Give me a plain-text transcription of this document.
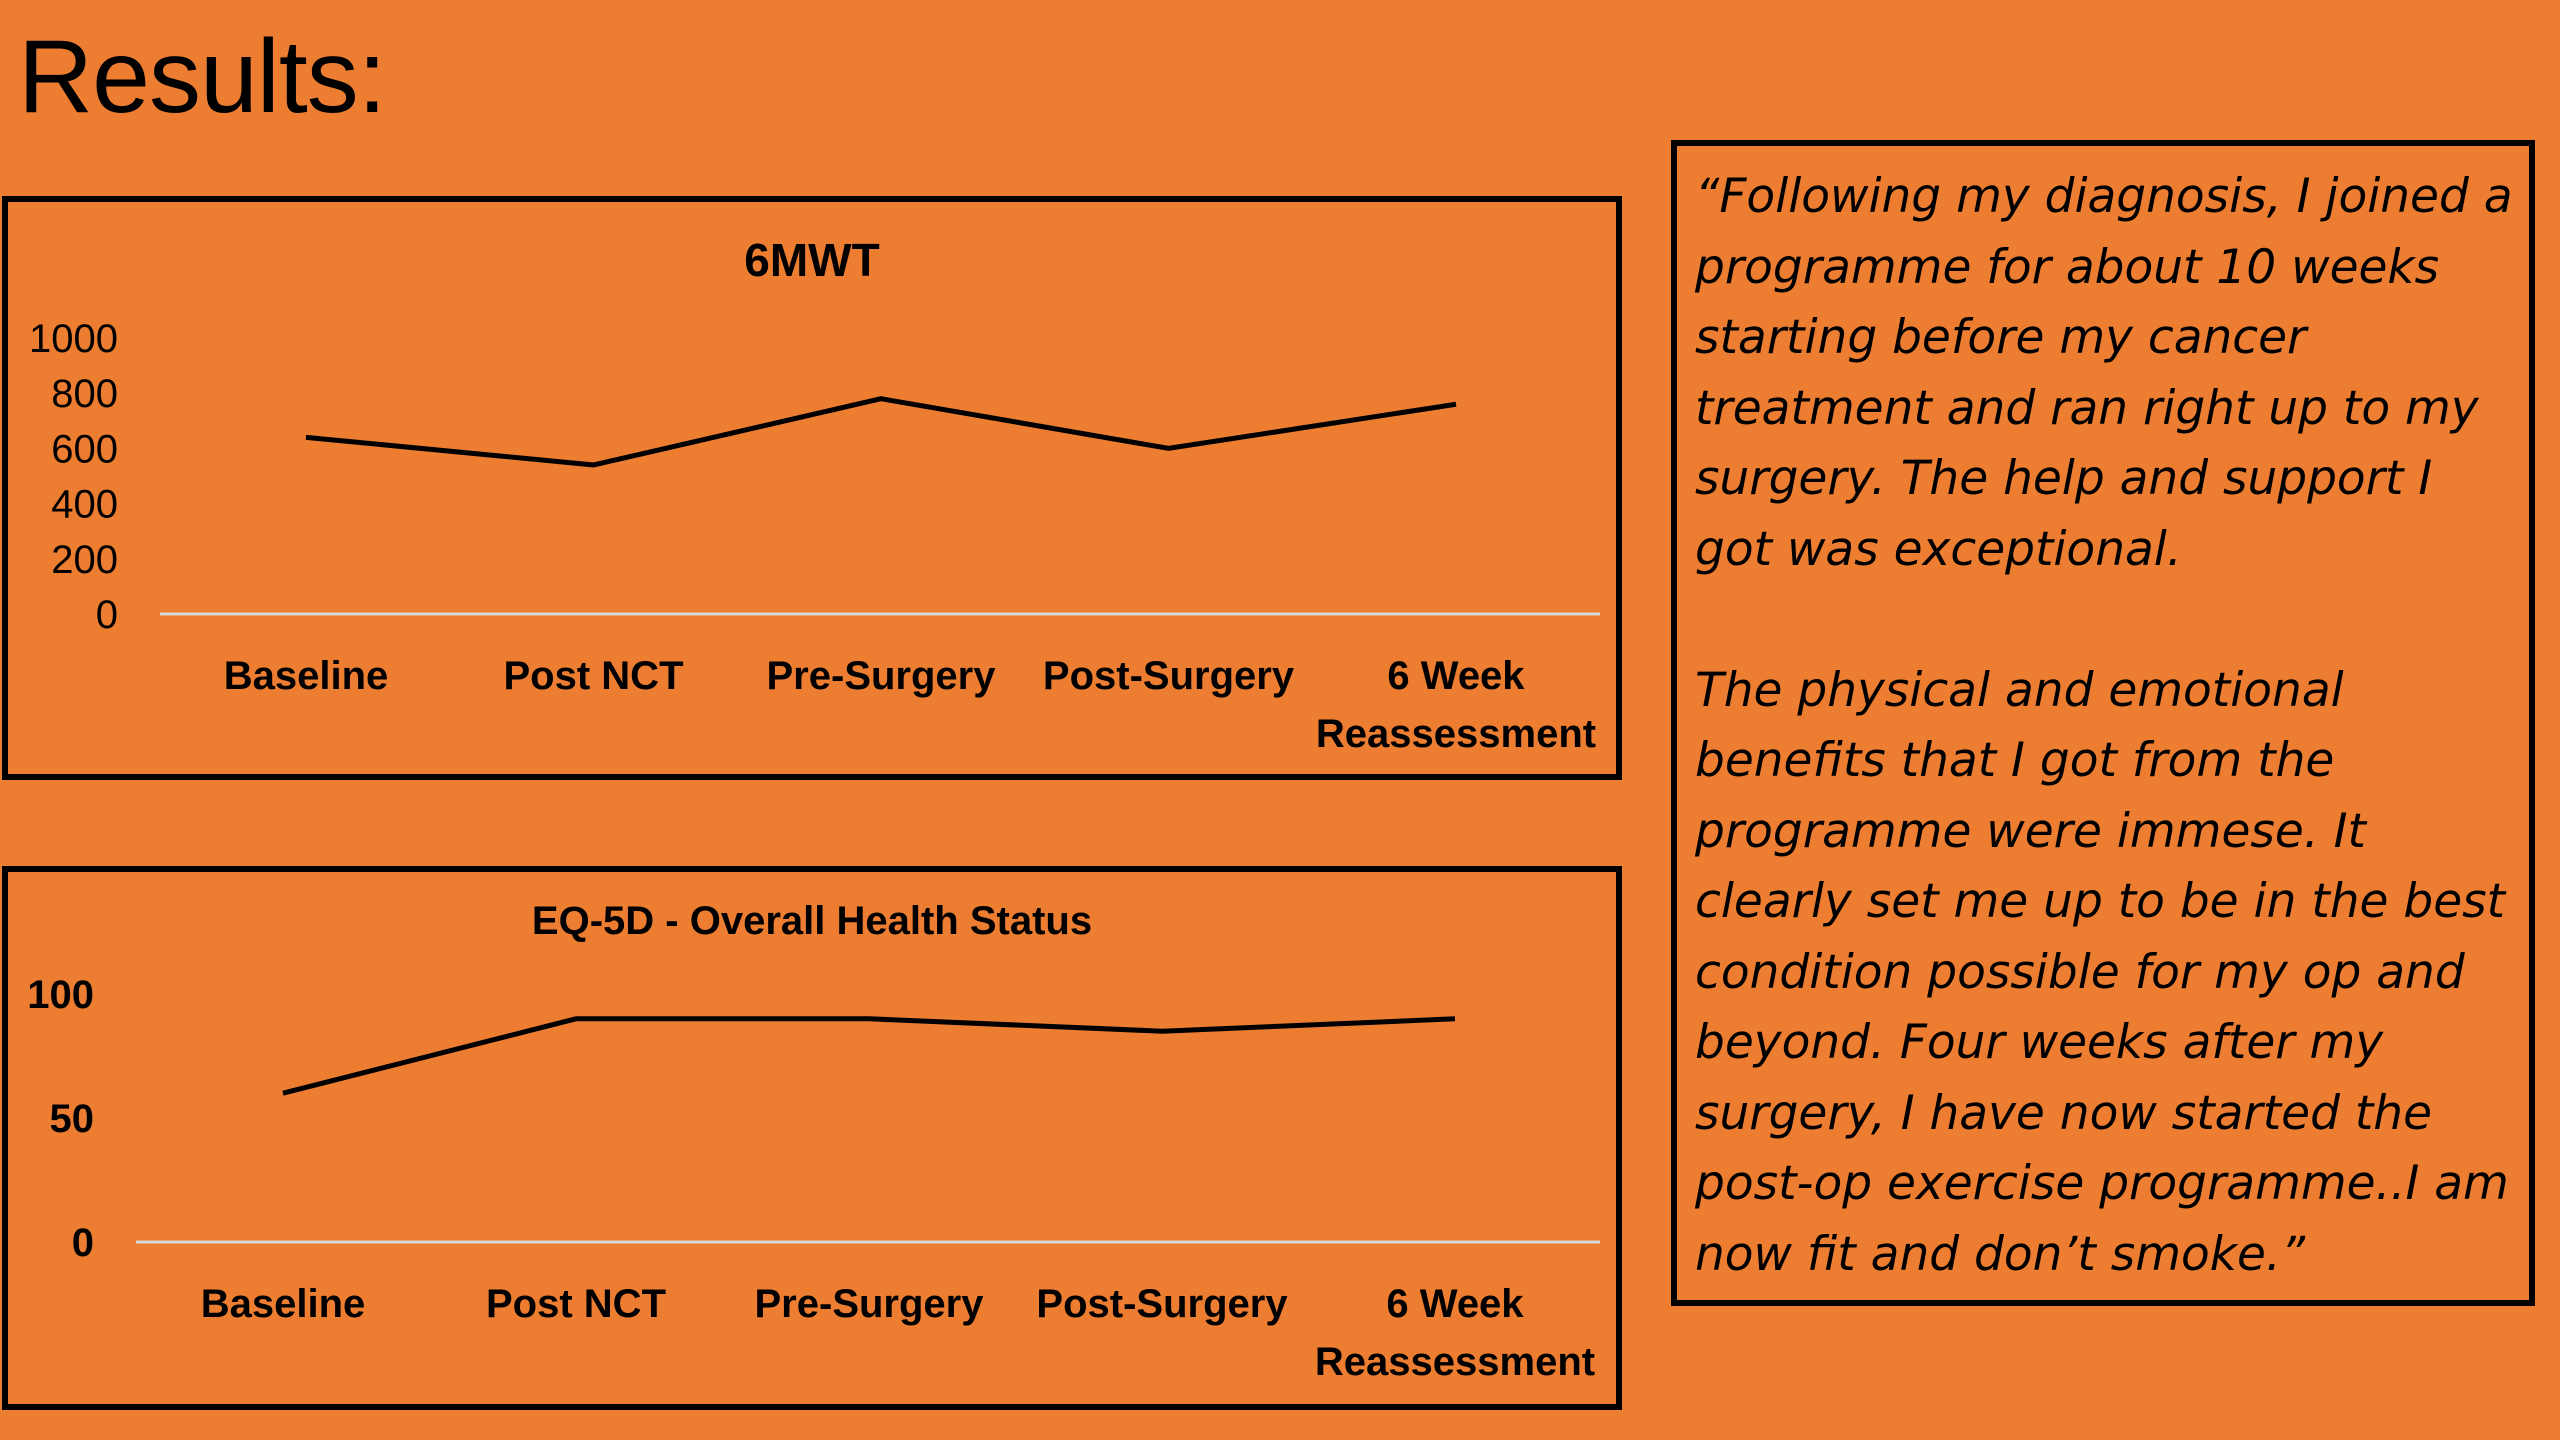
Results:
6MWT
0
200
400
600
800
1000
Baseline	Post NCT Pre-Surgery Post-Surgery	6 Week Reassessment
EQ-5D - Overall Health Status
0
50
100
Baseline	Post NCT Pre-Surgery Post-Surgery	6 Week Reassessment

“Following my diagnosis, I joined a programme for about 10 weeks starting before my cancer treatment and ran right up to my surgery. The help and support I got was exceptional.

The physical and emotional benefits that I got from the programme were immese. It clearly set me up to be in the best condition possible for my op and beyond. Four weeks after my surgery, I have now started the post-op exercise programme..I am now fit and don’t smoke.”
